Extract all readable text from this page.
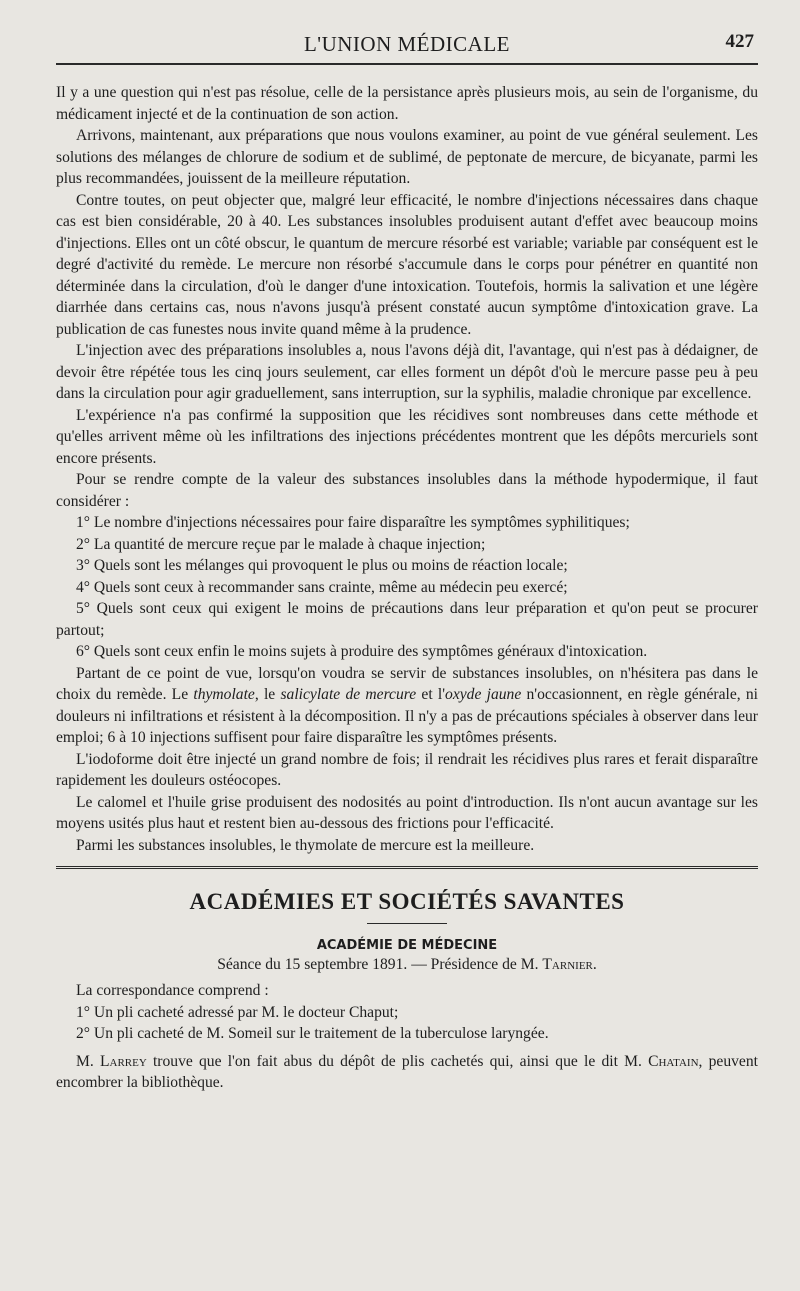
L'UNION MÉDICALE	427

Il y a une question qui n'est pas résolue, celle de la persistance après plusieurs mois, au sein de l'organisme, du médicament injecté et de la continuation de son action.

Arrivons, maintenant, aux préparations que nous voulons examiner, au point de vue général seulement. Les solutions des mélanges de chlorure de sodium et de sublimé, de peptonate de mercure, de bicyanate, parmi les plus recommandées, jouissent de la meilleure réputation.

Contre toutes, on peut objecter que, malgré leur efficacité, le nombre d'injections nécessaires dans chaque cas est bien considérable, 20 à 40. Les substances insolubles produisent autant d'effet avec beaucoup moins d'injections. Elles ont un côté obscur, le quantum de mercure résorbé est variable; variable par conséquent est le degré d'activité du remède. Le mercure non résorbé s'accumule dans le corps pour pénétrer en quantité non déterminée dans la circulation, d'où le danger d'une intoxication. Toutefois, hormis la salivation et une légère diarrhée dans certains cas, nous n'avons jusqu'à présent constaté aucun symptôme d'intoxication grave. La publication de cas funestes nous invite quand même à la prudence.

L'injection avec des préparations insolubles a, nous l'avons déjà dit, l'avantage, qui n'est pas à dédaigner, de devoir être répétée tous les cinq jours seulement, car elles forment un dépôt d'où le mercure passe peu à peu dans la circulation pour agir graduellement, sans interruption, sur la syphilis, maladie chronique par excellence.

L'expérience n'a pas confirmé la supposition que les récidives sont nombreuses dans cette méthode et qu'elles arrivent même où les infiltrations des injections précédentes montrent que les dépôts mercuriels sont encore présents.

Pour se rendre compte de la valeur des substances insolubles dans la méthode hypodermique, il faut considérer :

1° Le nombre d'injections nécessaires pour faire disparaître les symptômes syphilitiques;

2° La quantité de mercure reçue par le malade à chaque injection;

3° Quels sont les mélanges qui provoquent le plus ou moins de réaction locale;

4° Quels sont ceux à recommander sans crainte, même au médecin peu exercé;

5° Quels sont ceux qui exigent le moins de précautions dans leur préparation et qu'on peut se procurer partout;

6° Quels sont ceux enfin le moins sujets à produire des symptômes généraux d'intoxication.

Partant de ce point de vue, lorsqu'on voudra se servir de substances insolubles, on n'hésitera pas dans le choix du remède. Le thymolate, le salicylate de mercure et l'oxyde jaune n'occasionnent, en règle générale, ni douleurs ni infiltrations et résistent à la décomposition. Il n'y a pas de précautions spéciales à observer dans leur emploi; 6 à 10 injections suffisent pour faire disparaître les symptômes présents.

L'iodoforme doit être injecté un grand nombre de fois; il rendrait les récidives plus rares et ferait disparaître rapidement les douleurs ostéocopes.

Le calomel et l'huile grise produisent des nodosités au point d'introduction. Ils n'ont aucun avantage sur les moyens usités plus haut et restent bien au-dessous des frictions pour l'efficacité.

Parmi les substances insolubles, le thymolate de mercure est la meilleure.

ACADÉMIES ET SOCIÉTÉS SAVANTES
ACADÉMIE DE MÉDECINE
Séance du 15 septembre 1891. — Présidence de M. Tarnier.

La correspondance comprend :

1° Un pli cacheté adressé par M. le docteur Chaput;

2° Un pli cacheté de M. Someil sur le traitement de la tuberculose laryngée.

M. Larrey trouve que l'on fait abus du dépôt de plis cachetés qui, ainsi que le dit M. Chatain, peuvent encombrer la bibliothèque.
